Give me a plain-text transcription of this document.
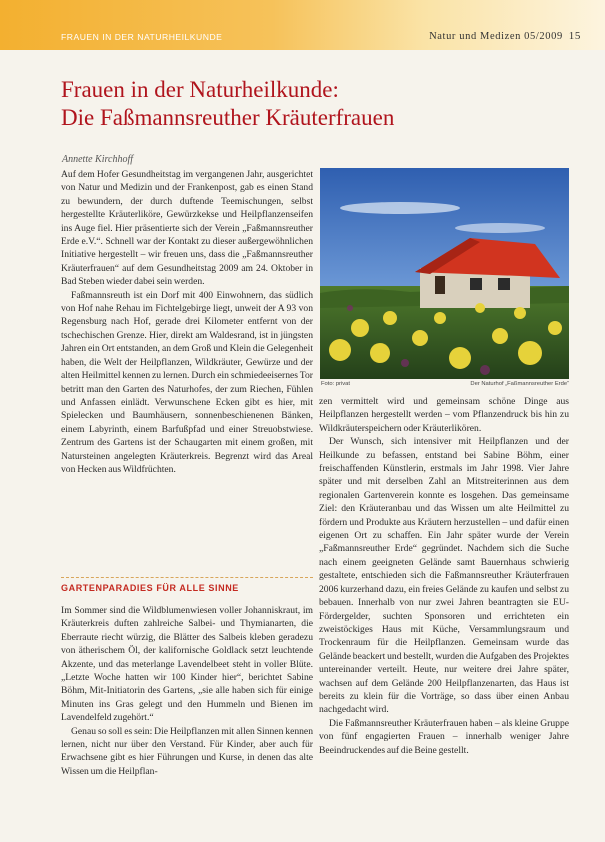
FRAUEN IN DER NATURHEILKUNDE	Natur und Medizen 05/2009 15
Frauen in der Naturheilkunde:
Die Faßmannsreuther Kräuterfrauen
Annette Kirchhoff

Auf dem Hofer Gesundheitstag im vergangenen Jahr, ausgerichtet von Natur und Medizin und der Frankenpost, gab es einen Stand zu bewundern, der durch duftende Teemischungen, selbst hergestellte Kräuterliköre, Gewürzkekse und Heilpflanzenseifen ins Auge fiel. Hier präsentierte sich der Verein „Faßmannsreuther Erde e.V.“. Schnell war der Kontakt zu dieser außergewöhnlichen Initiative hergestellt – wir freuen uns, dass die „Faßmannsreuther Kräuterfrauen“ auf dem Gesundheitstag 2009 am 24. Oktober in Bad Steben wieder dabei sein werden.

Faßmannsreuth ist ein Dorf mit 400 Einwohnern, das südlich von Hof nahe Rehau im Fichtelgebirge liegt, unweit der A 93 von Regensburg nach Hof, gerade drei Kilometer entfernt von der tschechischen Grenze. Hier, direkt am Waldesrand, ist in jüngsten Jahren ein Ort entstanden, an dem Groß und Klein die Gelegenheit haben, die Welt der Heilpflanzen, Wildkräuter, Gewürze und der alten Heilmittel kennen zu lernen. Durch ein schmiedeeisernes Tor betritt man den Garten des Naturhofes, der zum Riechen, Fühlen und Anfassen einlädt. Verwunschene Ecken gibt es hier, mit Spielecken und Baumhäusern, sonnenbeschienenen Bänken, einem Labyrinth, einem Barfußpfad und einer Streuobstwiese. Zentrum des Gartens ist der Schaugarten mit einem großen, mit Natursteinen angelegten Kräuterkreis. Begrenzt wird das Areal von Hecken aus Wildfrüchten.

GARTENPARADIES FÜR ALLE SINNE

Im Sommer sind die Wildblumenwiesen voller Johanniskraut, im Kräuterkreis duften zahlreiche Salbei- und Thymianarten, die Eberraute riecht würzig, die Blätter des Salbeis kleben geradezu von ätherischem Öl, der kalifornische Goldlack setzt leuchtende Akzente, und das meterlange Lavendelbeet steht in voller Blüte. „Letzte Woche hatten wir 100 Kinder hier“, berichtet Sabine Böhm, Mit-Initiatorin des Gartens, „sie alle haben sich für einige Minuten ins Gras gelegt und den Hummeln und Bienen im Lavendelfeld zugehört.“

Genau so soll es sein: Die Heilpflanzen mit allen Sinnen kennen lernen, nicht nur über den Verstand. Für Kinder, aber auch für Erwachsene gibt es hier Führungen und Kurse, in denen das alte Wissen um die Heilpflan-

Foto: privat	Der Naturhof „Faßmannsreuther Erde“

zen vermittelt wird und gemeinsam schöne Dinge aus Heilpflanzen hergestellt werden – vom Pflanzendruck bis hin zu Wildkräuterspeichern oder Kräuterlikören.

Der Wunsch, sich intensiver mit Heilpflanzen und der Heilkunde zu befassen, entstand bei Sabine Böhm, einer freischaffenden Künstlerin, erstmals im Jahr 1998. Vier Jahre später und mit derselben Zahl an Mitstreiterinnen aus dem regionalen Gartenverein konnte es losgehen. Das gemeinsame Ziel: den Kräuteranbau und das Wissen um alte Heilmittel zu fördern und Produkte aus Kräutern herzustellen – und dafür einen eigenen Ort zu schaffen. Ein Jahr später wurde der Verein „Faßmannsreuther Erde“ gegründet. Nachdem sich die Suche nach einem geeigneten Gelände samt Bauernhaus schwierig gestaltete, entschieden sich die Faßmannsreuther Kräuterfrauen 2006 kurzerhand dazu, ein freies Gelände zu kaufen und selbst zu bebauen. Innerhalb von nur zwei Jahren beantragten sie EU-Fördergelder, suchten Sponsoren und errichteten ein zweistöckiges Haus mit Küche, Versammlungsraum und Trockenraum für die Heilpflanzen. Gemeinsam wurde das Gelände beackert und bestellt, wurden die Aufgaben des Projektes untereinander verteilt. Heute, nur weitere drei Jahre später, wachsen auf dem Gelände 200 Heilpflanzenarten, das Haus ist bereits zu klein für die Vorträge, so dass über einen Anbau nachgedacht wird.

Die Faßmannsreuther Kräuterfrauen haben – als kleine Gruppe von fünf engagierten Frauen – innerhalb weniger Jahre Beeindruckendes auf die Beine gestellt.
